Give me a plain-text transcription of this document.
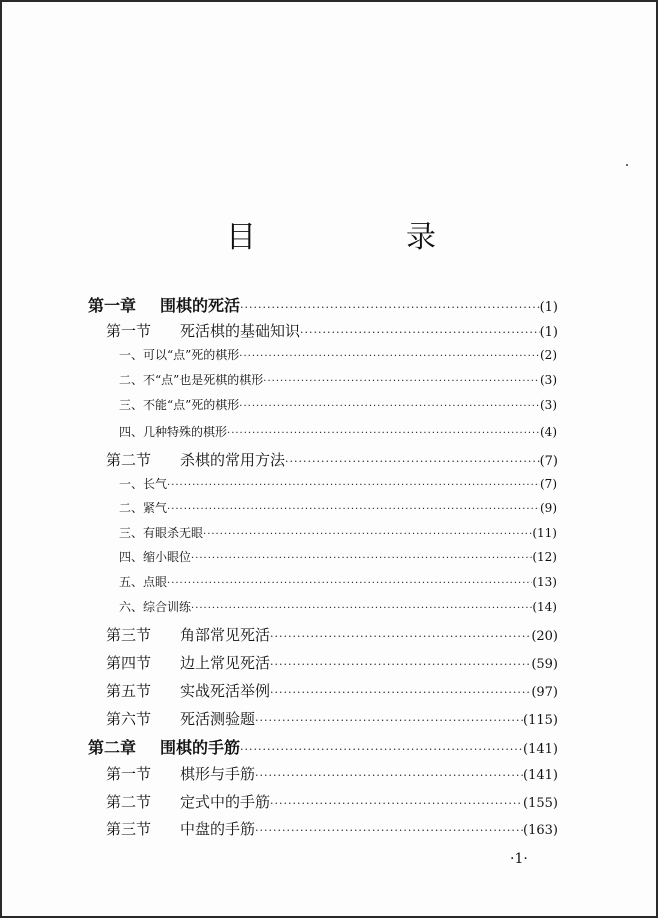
目　录
第一章 围棋的死活 ·····	(1)
第一节 死活棋的基础知识 ·····	(1)
一、可以“点”死的棋形 ·····	(2)
二、不“点”也是死棋的棋形 ·····	(3)
三、不能“点”死的棋形 ·····	(3)
四、几种特殊的棋形 ·····	(4)
第二节 杀棋的常用方法 ·····	(7)
一、长气 ·····	(7)
二、紧气 ·····	(9)
三、有眼杀无眼 ·····	(11)
四、缩小眼位 ·····	(12)
五、点眼 ·····	(13)
六、综合训练 ·····	(14)
第三节 角部常见死活 ·····	(20)
第四节 边上常见死活 ·····	(59)
第五节 实战死活举例 ·····	(97)
第六节 死活测验题 ·····	(115)
第二章 围棋的手筋 ·····	(141)
第一节 棋形与手筋 ·····	(141)
第二节 定式中的手筋 ·····	(155)
第三节 中盘的手筋 ·····	(163)
·1·
